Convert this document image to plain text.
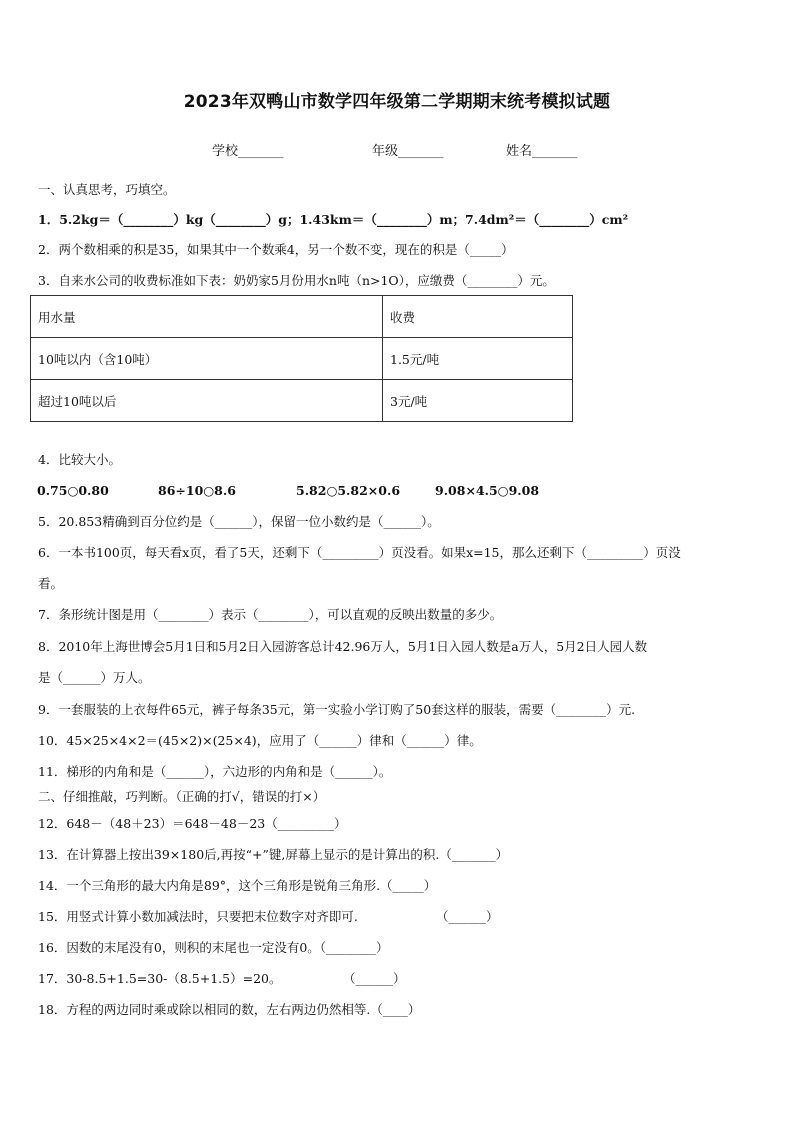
2023年双鸭山市数学四年级第二学期期末统考模拟试题
学校_______	年级_______	姓名_______
一、认真思考，巧填空。
1．5.2kg＝（________）kg（________）g；1.43km＝（________）m；7.4dm²＝（________）cm²
2．两个数相乘的积是35，如果其中一个数乘4，另一个数不变，现在的积是（_____）
3．自来水公司的收费标准如下表：奶奶家5月份用水n吨（n>1O），应缴费（________）元。
用水量	收费
10吨以内（含10吨）	1.5元/吨
超过10吨以后	3元/吨
4．比较大小。
0.75○0.80	86÷10○8.6	5.82○5.82×0.6	9.08×4.5○9.08
5．20.853精确到百分位约是（______），保留一位小数约是（______）。
6．一本书100页，每天看x页，看了5天，还剩下（_________）页没看。如果x=15，那么还剩下（_________）页没
看。
7．条形统计图是用（________）表示（________），可以直观的反映出数量的多少。
8．2010年上海世博会5月1日和5月2日入园游客总计42.96万人，5月1日入园人数是a万人，5月2日人园人数
是（______）万人。
9．一套服装的上衣每件65元，裤子每条35元，第一实验小学订购了50套这样的服装，需要（________）元.
10．45×25×4×2＝(45×2)×(25×4)，应用了（______）律和（______）律。
11．梯形的内角和是（______），六边形的内角和是（______）。
二、仔细推敲，巧判断。（正确的打√，错误的打×）
12．648－（48＋23）＝648－48－23（_________）
13．在计算器上按出39×180后,再按“+”键,屏幕上显示的是计算出的积.（_______）
14．一个三角形的最大内角是89°，这个三角形是锐角三角形.（_____）
15．用竖式计算小数加减法时，只要把末位数字对齐即可.	（______）
16．因数的末尾没有0，则积的末尾也一定没有0。（________）
17．30-8.5+1.5=30-（8.5+1.5）=20。	（______）
18．方程的两边同时乘或除以相同的数，左右两边仍然相等.（____）
